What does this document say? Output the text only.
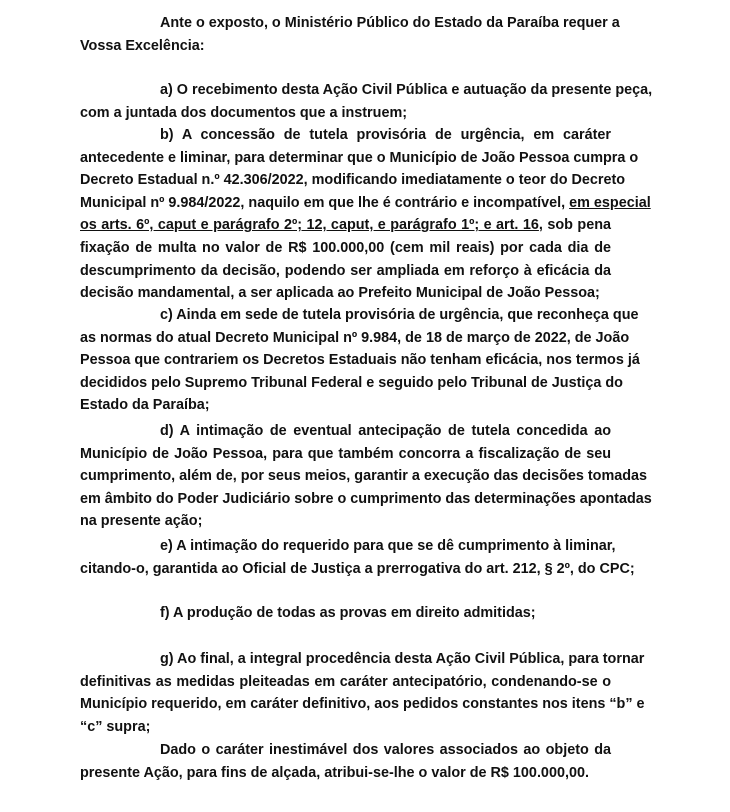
Ante o exposto, o Ministério Público do Estado da Paraíba requer a
Vossa Excelência:
a) O recebimento desta Ação Civil Pública e autuação da presente peça,
com a juntada dos documentos que a instruem;
b) A concessão de tutela provisória de urgência, em caráter
antecedente e liminar, para determinar que o Município de João Pessoa cumpra o
Decreto Estadual n.º 42.306/2022, modificando imediatamente o teor do Decreto
Municipal nº 9.984/2022, naquilo em que lhe é contrário e incompatível, em especial
os arts. 6º, caput e parágrafo 2º; 12, caput, e parágrafo 1º; e art. 16, sob pena
fixação de multa no valor de R$ 100.000,00 (cem mil reais) por cada dia de
descumprimento da decisão, podendo ser ampliada em reforço à eficácia da
decisão mandamental, a ser aplicada ao Prefeito Municipal de João Pessoa;
c) Ainda em sede de tutela provisória de urgência, que reconheça que
as normas do atual Decreto Municipal nº 9.984, de 18 de março de 2022, de João
Pessoa que contrariem os Decretos Estaduais não tenham eficácia, nos termos já
decididos pelo Supremo Tribunal Federal e seguido pelo Tribunal de Justiça do
Estado da Paraíba;
d) A intimação de eventual antecipação de tutela concedida ao
Município de João Pessoa, para que também concorra a fiscalização de seu
cumprimento, além de, por seus meios, garantir a execução das decisões tomadas
em âmbito do Poder Judiciário sobre o cumprimento das determinações apontadas
na presente ação;
e) A intimação do requerido para que se dê cumprimento à liminar,
citando-o, garantida ao Oficial de Justiça a prerrogativa do art. 212, § 2º, do CPC;
f) A produção de todas as provas em direito admitidas;
g) Ao final, a integral procedência desta Ação Civil Pública, para tornar
definitivas as medidas pleiteadas em caráter antecipatório, condenando-se o
Município requerido, em caráter definitivo, aos pedidos constantes nos itens “b” e
“c” supra;
Dado o caráter inestimável dos valores associados ao objeto da
presente Ação, para fins de alçada, atribui-se-lhe o valor de R$ 100.000,00.
